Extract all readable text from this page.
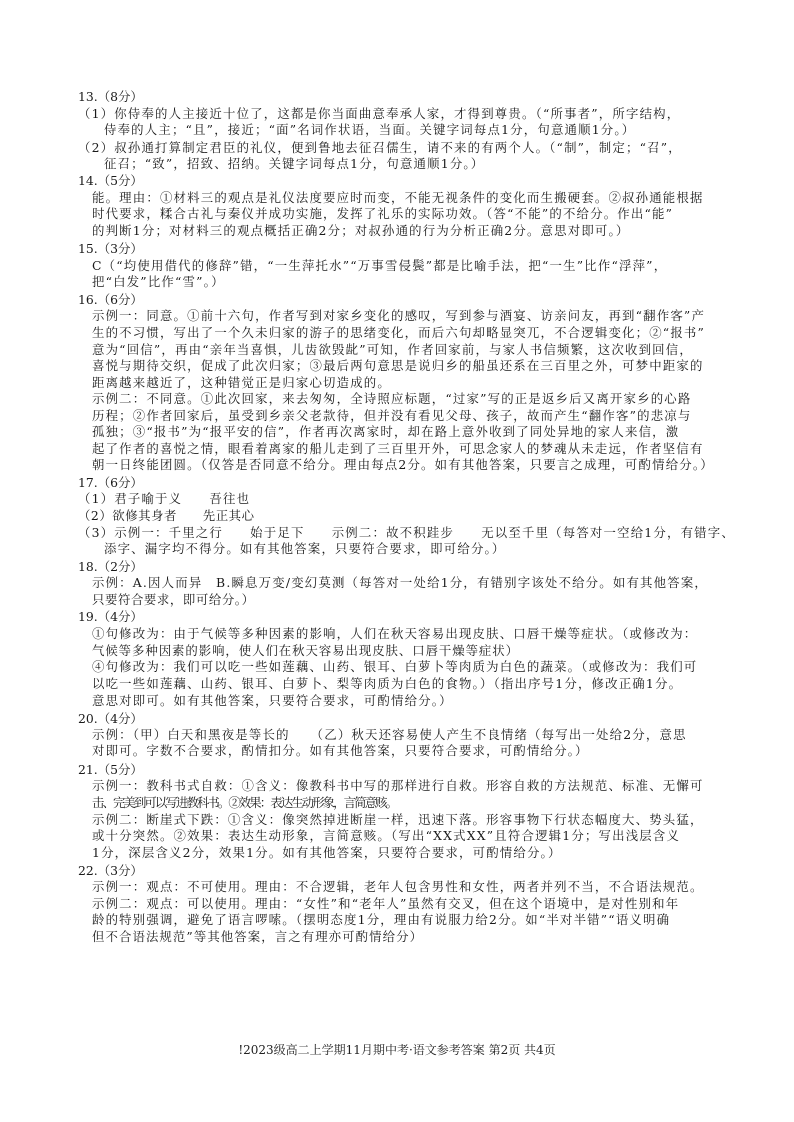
13.（8分）
（1）你侍奉的人主接近十位了，这都是你当面曲意奉承人家，才得到尊贵。（“所事者”，所字结构，
侍奉的人主；“且”，接近；“面”名词作状语，当面。关键字词每点1分，句意通顺1分。）
（2）叔孙通打算制定君臣的礼仪，便到鲁地去征召儒生，请不来的有两个人。（“制”，制定；“召”，
征召；“致”，招致、招纳。关键字词每点1分，句意通顺1分。）
14.（5分）
能。理由：①材料三的观点是礼仪法度要应时而变，不能无视条件的变化而生搬硬套。②叔孙通能根据
时代要求，糅合古礼与秦仪并成功实施，发挥了礼乐的实际功效。（答“不能”的不给分。作出“能”
的判断1分；对材料三的观点概括正确2分；对叔孙通的行为分析正确2分。意思对即可。）
15.（3分）
C（“均使用借代的修辞”错，“一生萍托水”“万事雪侵鬓”都是比喻手法，把“一生”比作“浮萍”，
把“白发”比作“雪”。）
16.（6分）
示例一：同意。①前十六句，作者写到对家乡变化的感叹，写到参与酒宴、访亲问友，再到“翻作客”产
生的不习惯，写出了一个久未归家的游子的思绪变化，而后六句却略显突兀，不合逻辑变化；②“报书”
意为“回信”，再由“亲年当喜惧，儿齿欲毁龀”可知，作者回家前，与家人书信频繁，这次收到回信，
喜悦与期待交织，促成了此次归家；③最后两句意思是说归乡的船虽还系在三百里之外，可梦中距家的
距离越来越近了，这种错觉正是归家心切造成的。
示例二：不同意。①此次回家，来去匆匆，全诗照应标题，“过家”写的正是返乡后又离开家乡的心路
历程；②作者回家后，虽受到乡亲父老款待，但并没有看见父母、孩子，故而产生“翻作客”的悲凉与
孤独；③“报书”为“报平安的信”，作者再次离家时，却在路上意外收到了同处异地的家人来信，激
起了作者的喜悦之情，眼看着离家的船儿走到了三百里开外，可思念家人的梦魂从未走远，作者坚信有
朝一日终能团圆。（仅答是否同意不给分。理由每点2分。如有其他答案，只要言之成理，可酌情给分。）
17.（6分）
（1）君子喻于义　　吾往也
（2）欲修其身者　　先正其心
（3）示例一：千里之行　　始于足下　　示例二：故不积跬步　　无以至千里（每答对一空给1分，有错字、
添字、漏字均不得分。如有其他答案，只要符合要求，即可给分。）
18.（2分）
示例：A.因人而异　B.瞬息万变/变幻莫测（每答对一处给1分，有错别字该处不给分。如有其他答案，
只要符合要求，即可给分。）
19.（4分）
①句修改为：由于气候等多种因素的影响，人们在秋天容易出现皮肤、口唇干燥等症状。（或修改为：
气候等多种因素的影响，使人们在秋天容易出现皮肤、口唇干燥等症状）
④句修改为：我们可以吃一些如莲藕、山药、银耳、白萝卜等肉质为白色的蔬菜。（或修改为：我们可
以吃一些如莲藕、山药、银耳、白萝卜、梨等肉质为白色的食物。）（指出序号1分，修改正确1分。
意思对即可。如有其他答案，只要符合要求，可酌情给分。）
20.（4分）
示例：（甲）白天和黑夜是等长的　　（乙）秋天还容易使人产生不良情绪（每写出一处给2分，意思
对即可。字数不合要求，酌情扣分。如有其他答案，只要符合要求，可酌情给分。）
21.（5分）
示例一：教科书式自救：①含义：像教科书中写的那样进行自救。形容自救的方法规范、标准、无懈可
击、完美到可以写进教科书。②效果：表达生动形象，言简意赅。
示例二：断崖式下跌：①含义：像突然掉进断崖一样，迅速下落。形容事物下行状态幅度大、势头猛，
或十分突然。②效果：表达生动形象，言简意赅。（写出“XX式XX”且符合逻辑1分；写出浅层含义
1分，深层含义2分，效果1分。如有其他答案，只要符合要求，可酌情给分。）
22.（3分）
示例一：观点：不可使用。理由：不合逻辑，老年人包含男性和女性，两者并列不当，不合语法规范。
示例二：观点：可以使用。理由：“女性”和“老年人”虽然有交叉，但在这个语境中，是对性别和年
龄的特别强调，避免了语言啰嗦。（摆明态度1分，理由有说服力给2分。如“半对半错”“语义明确
但不合语法规范”等其他答案，言之有理亦可酌情给分）
!2023级高二上学期11月期中考·语文参考答案 第2页 共4页
